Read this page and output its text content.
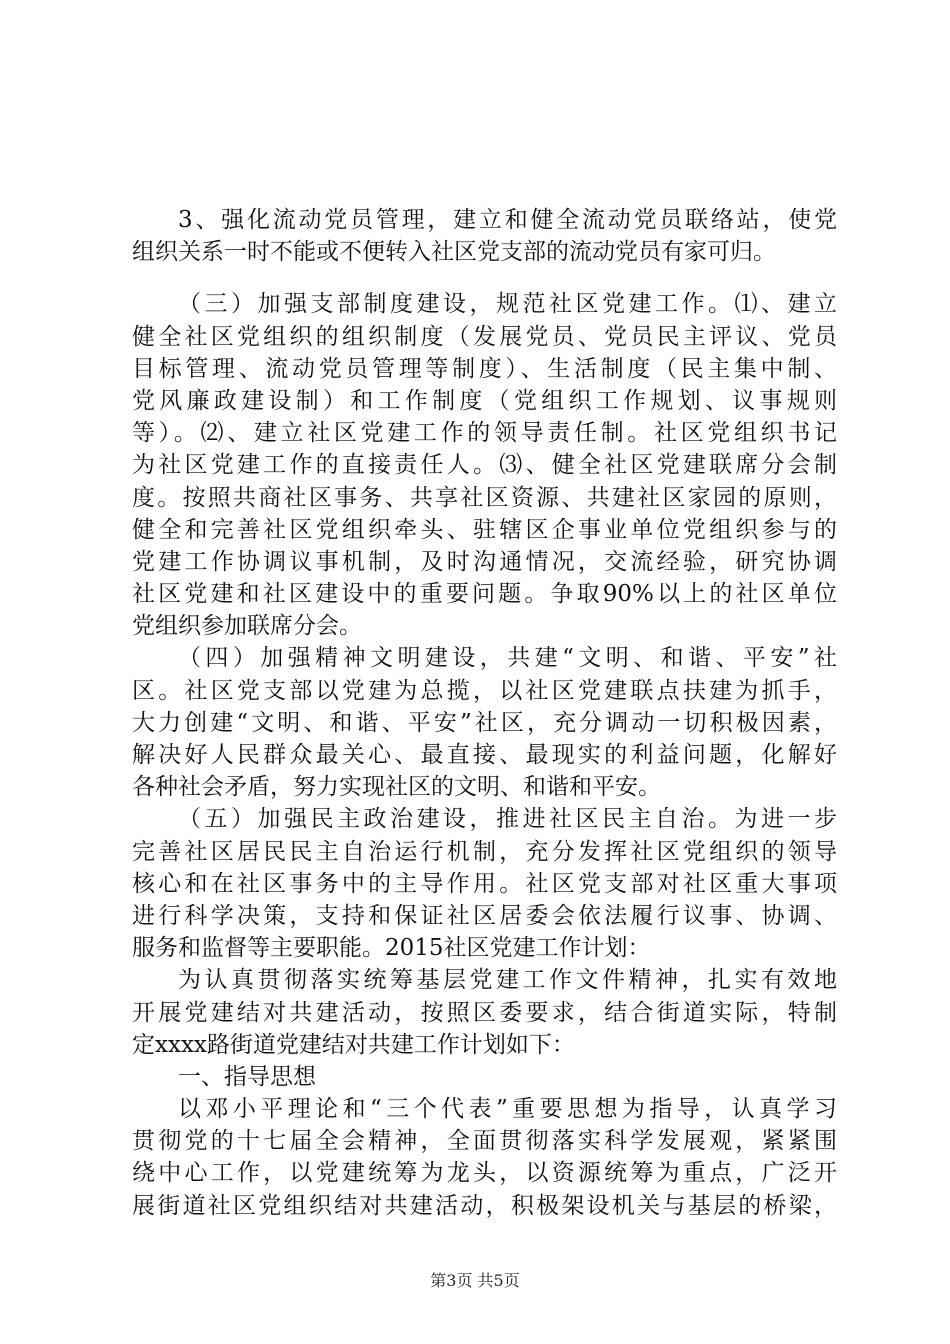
3、强化流动党员管理，建立和健全流动党员联络站，使党
组织关系一时不能或不便转入社区党支部的流动党员有家可归。
（三）加强支部制度建设，规范社区党建工作。⑴、建立
健全社区党组织的组织制度（发展党员、党员民主评议、党员
目标管理、流动党员管理等制度）、生活制度（民主集中制、
党风廉政建设制）和工作制度（党组织工作规划、议事规则
等）。⑵、建立社区党建工作的领导责任制。社区党组织书记
为社区党建工作的直接责任人。⑶、健全社区党建联席分会制
度。按照共商社区事务、共享社区资源、共建社区家园的原则，
健全和完善社区党组织牵头、驻辖区企事业单位党组织参与的
党建工作协调议事机制，及时沟通情况，交流经验，研究协调
社区党建和社区建设中的重要问题。争取90%以上的社区单位
党组织参加联席分会。
（四）加强精神文明建设，共建“文明、和谐、平安”社
区。社区党支部以党建为总揽，以社区党建联点扶建为抓手，
大力创建“文明、和谐、平安”社区，充分调动一切积极因素，
解决好人民群众最关心、最直接、最现实的利益问题，化解好
各种社会矛盾，努力实现社区的文明、和谐和平安。
（五）加强民主政治建设，推进社区民主自治。为进一步
完善社区居民民主自治运行机制，充分发挥社区党组织的领导
核心和在社区事务中的主导作用。社区党支部对社区重大事项
进行科学决策，支持和保证社区居委会依法履行议事、协调、
服务和监督等主要职能。2015社区党建工作计划：
为认真贯彻落实统筹基层党建工作文件精神，扎实有效地
开展党建结对共建活动，按照区委要求，结合街道实际，特制
定xxxx路街道党建结对共建工作计划如下：
一、指导思想
以邓小平理论和“三个代表”重要思想为指导，认真学习
贯彻党的十七届全会精神，全面贯彻落实科学发展观，紧紧围
绕中心工作，以党建统筹为龙头，以资源统筹为重点，广泛开
展街道社区党组织结对共建活动，积极架设机关与基层的桥梁，
第3页 共5页
